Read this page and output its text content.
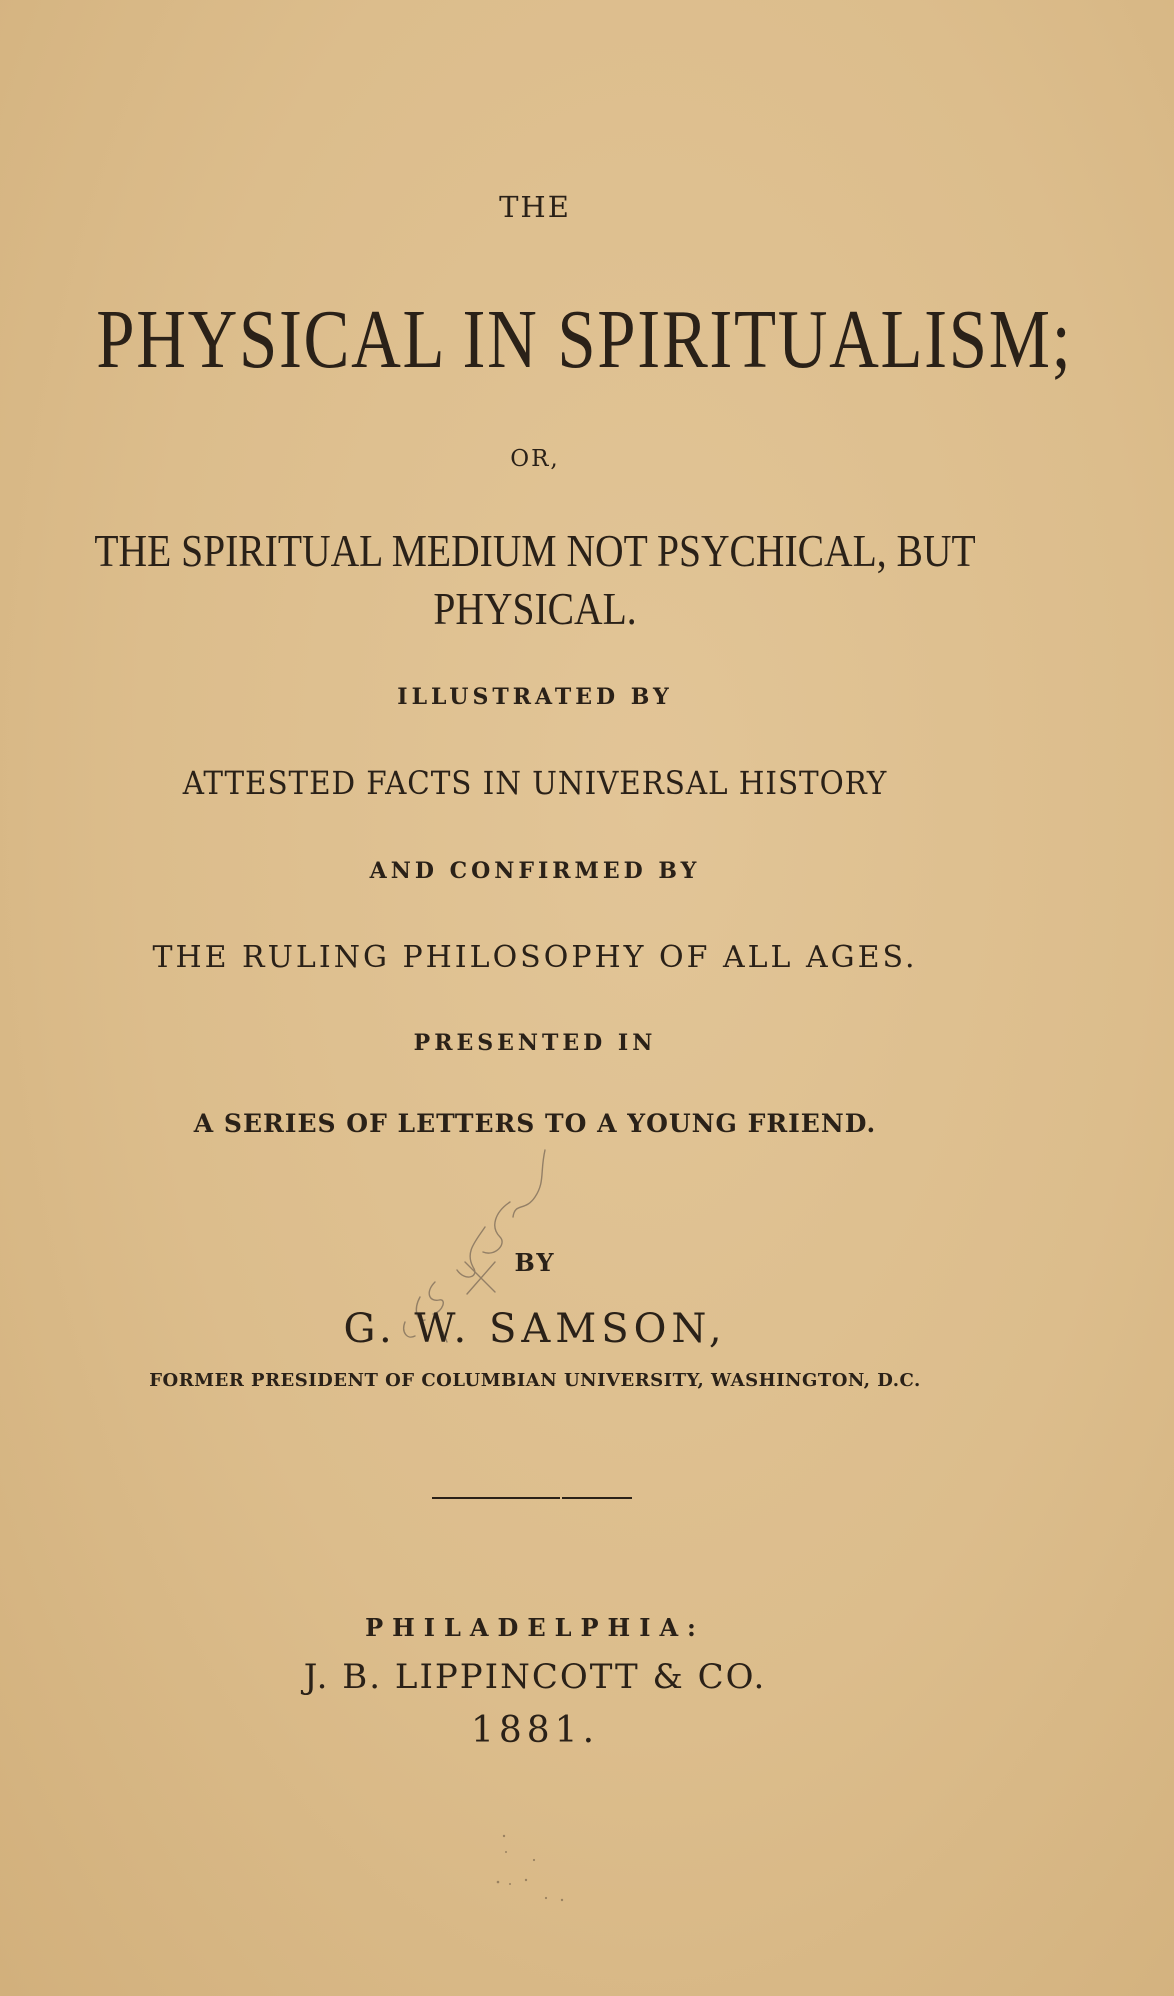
THE
PHYSICAL IN SPIRITUALISM;
OR,
THE SPIRITUAL MEDIUM NOT PSYCHICAL, BUT
PHYSICAL.
ILLUSTRATED BY
ATTESTED FACTS IN UNIVERSAL HISTORY
AND CONFIRMED BY
THE RULING PHILOSOPHY OF ALL AGES.
PRESENTED IN
A SERIES OF LETTERS TO A YOUNG FRIEND.
BY
G. W. SAMSON,
FORMER PRESIDENT OF COLUMBIAN UNIVERSITY, WASHINGTON, D.C.
PHILADELPHIA:
J. B. LIPPINCOTT & CO.
1881.
